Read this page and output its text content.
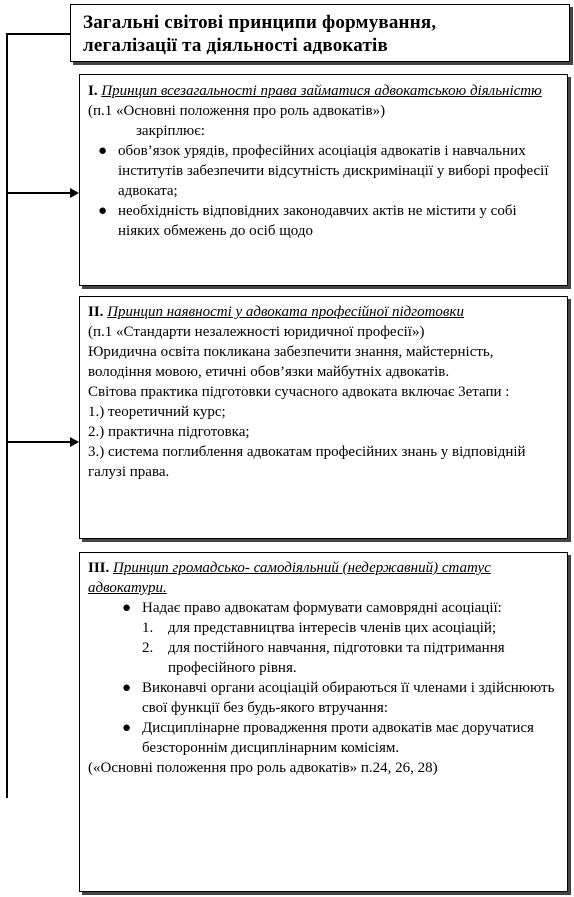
Загальні світові принципи формування,
легалізації та діяльності адвокатів
І. Принцип всезагальності права займатися адвокатською діяльністю (п.1 «Основні положення про роль адвокатів»)
закріплює:
● обов’язок урядів, професійних асоціація адвокатів і навчальних інститутів забезпечити відсутність дискримінації у виборі професії адвоката;
● необхідність відповідних законодавчих актів не містити у собі ніяких обмежень до осіб щодо
ІІ. Принцип наявності у адвоката професійної підготовки
(п.1 «Стандарти незалежності юридичної професії»)
Юридична освіта покликана забезпечити знання, майстерність, володіння мовою, етичні обов’язки майбутніх адвокатів.
Світова практика підготовки сучасного адвоката включає 3етапи :
1.) теоретичний курс;
2.) практична підготовка;
3.) система поглиблення адвокатам професійних знань у відповідній галузі права.
ІІІ. Принцип громадсько- самодіяльний (недержавний) статус адвокатури.
● Надає право адвокатам формувати самоврядні асоціації:
1. для представництва інтересів членів цих асоціацій;
2. для постійного навчання, підготовки та підтримання професійного рівня.
● Виконавчі органи асоціацій обираються її членами і здійснюють свої функції без будь-якого втручання:
● Дисциплінарне провадження проти адвокатів має доручатися безстороннім дисциплінарним комісіям.
(«Основні положення про роль адвокатів» п.24, 26, 28)
